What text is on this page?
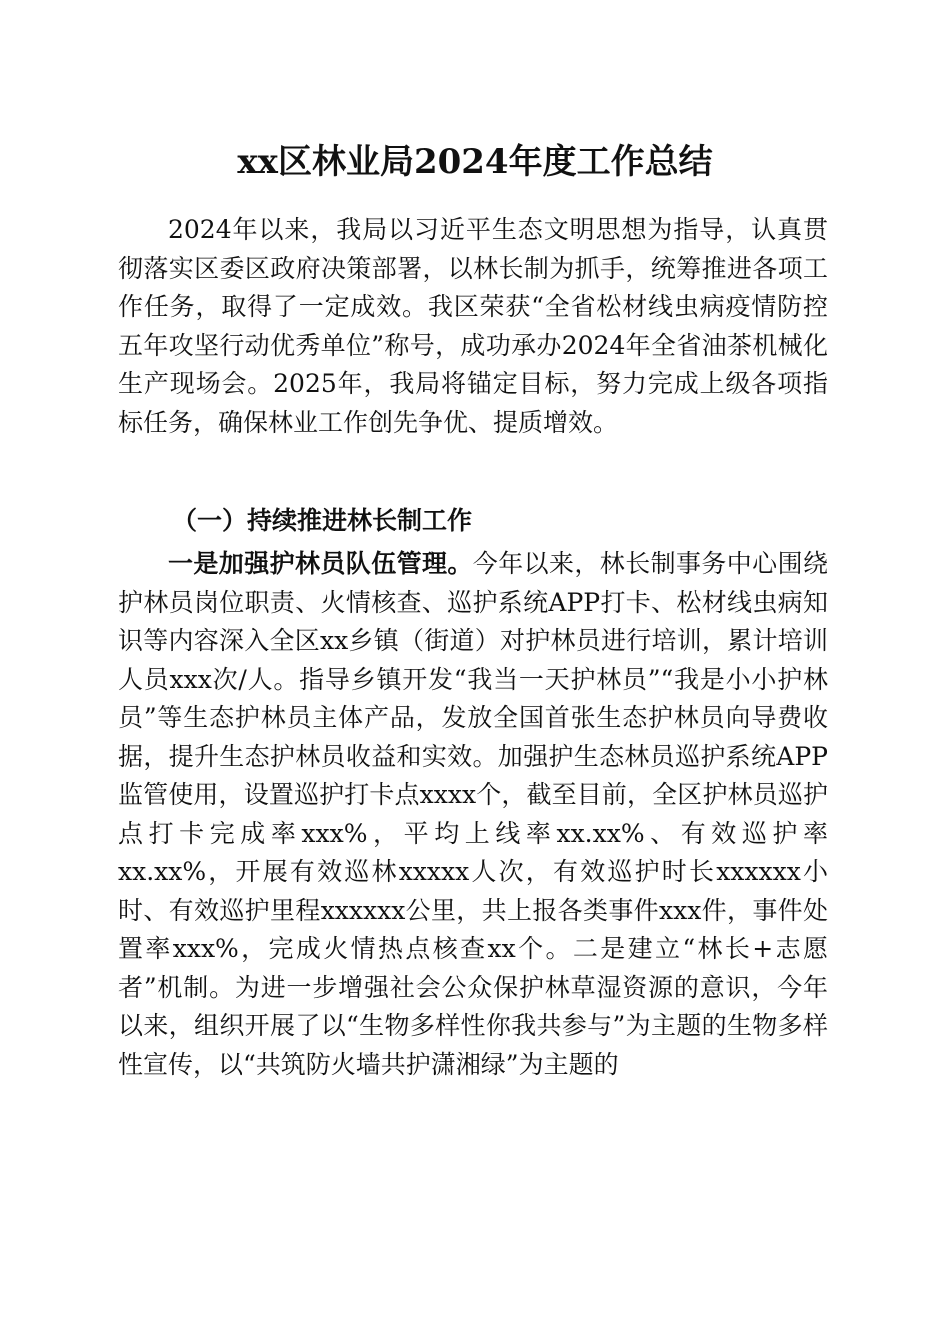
xx区林业局2024年度工作总结

2024年以来，我局以习近平生态文明思想为指导，认真贯彻落实区委区政府决策部署，以林长制为抓手，统筹推进各项工作任务，取得了一定成效。我区荣获“全省松材线虫病疫情防控五年攻坚行动优秀单位”称号，成功承办2024年全省油茶机械化生产现场会。2025年，我局将锚定目标，努力完成上级各项指标任务，确保林业工作创先争优、提质增效。

（一）持续推进林长制工作

一是加强护林员队伍管理。今年以来，林长制事务中心围绕护林员岗位职责、火情核查、巡护系统APP打卡、松材线虫病知识等内容深入全区xx乡镇（街道）对护林员进行培训，累计培训人员xxx次/人。指导乡镇开发“我当一天护林员”“我是小小护林员”等生态护林员主体产品，发放全国首张生态护林员向导费收据，提升生态护林员收益和实效。加强护生态林员巡护系统APP监管使用，设置巡护打卡点xxxx个，截至目前，全区护林员巡护点打卡完成率xxx%，平均上线率xx.xx%、有效巡护率xx.xx%，开展有效巡林xxxxx人次，有效巡护时长xxxxxx小时、有效巡护里程xxxxxx公里，共上报各类事件xxx件，事件处置率xxx%，完成火情热点核查xx个。二是建立“林长+志愿者”机制。为进一步增强社会公众保护林草湿资源的意识，今年以来，组织开展了以“生物多样性你我共参与”为主题的生物多样性宣传，以“共筑防火墙共护潇湘绿”为主题的
